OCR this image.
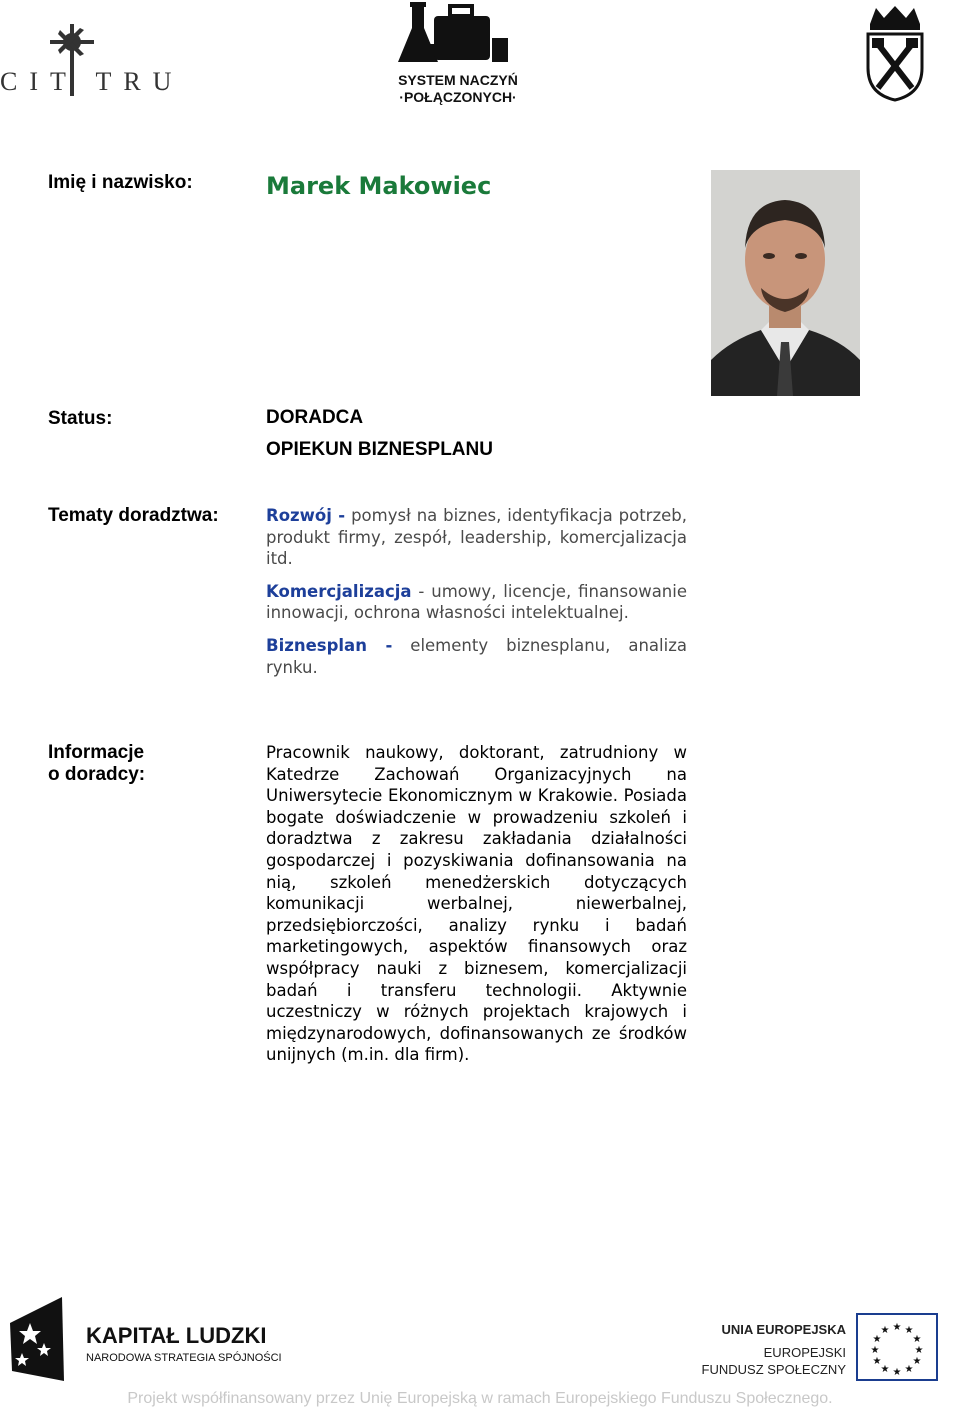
CIT TRU	SYSTEM NACZYŃ
·POŁĄCZONYCH·
Imię i nazwisko:	Marek Makowiec
Status:	DORADCA
OPIEKUN BIZNESPLANU
Tematy doradztwa:	Rozwój - pomysł na biznes, identyfikacja potrzeb, produkt firmy, zespół, leadership, komercjalizacja itd.
Komercjalizacja - umowy, licencje, finansowanie innowacji, ochrona własności intelektualnej.
Biznesplan - elementy biznesplanu, analiza rynku.
Informacje
o doradcy:
Pracownik naukowy, doktorant, zatrudniony w Katedrze Zachowań Organizacyjnych na Uniwersytecie Ekonomicznym w Krakowie. Posiada bogate doświadczenie w prowadzeniu szkoleń i doradztwa z zakresu zakładania działalności gospodarczej i pozyskiwania dofinansowania na nią, szkoleń menedżerskich dotyczących komunikacji werbalnej, niewerbalnej, przedsiębiorczości, analizy rynku i badań marketingowych, aspektów finansowych oraz współpracy nauki z biznesem, komercjalizacji badań i transferu technologii. Aktywnie uczestniczy w różnych projektach krajowych i międzynarodowych, dofinansowanych ze środków unijnych (m.in. dla firm).
KAPITAŁ LUDZKI
NARODOWA STRATEGIA SPÓJNOŚCI
UNIA EUROPEJSKA
EUROPEJSKI
FUNDUSZ SPOŁECZNY
★ ★
★
★
★
★
★
★
★
★
★
★
Projekt współfinansowany przez Unię Europejską w ramach Europejskiego Funduszu Społecznego.
